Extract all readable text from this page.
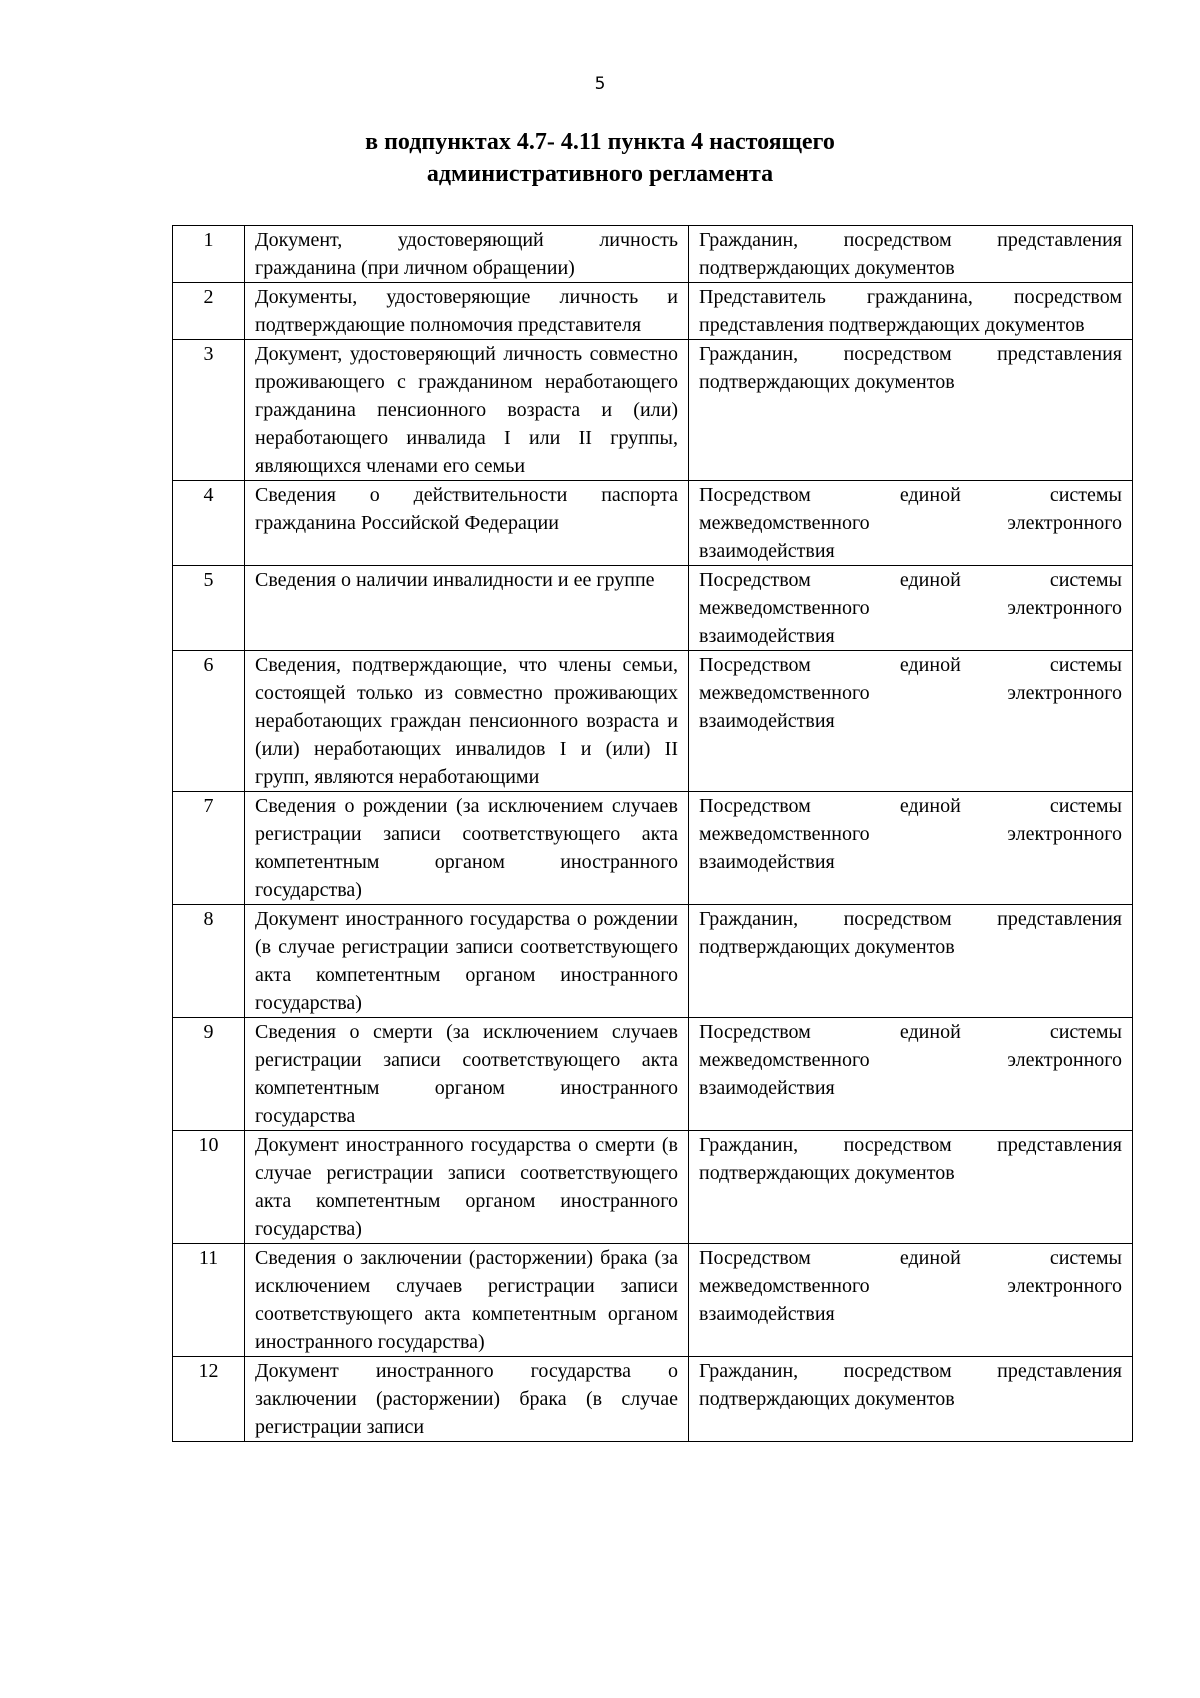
5
в подпунктах 4.7- 4.11 пункта 4 настоящего
административного регламента
1	Документ, удостоверяющий личность гражданина (при личном обращении)	Гражданин, посредством представления подтверждающих документов
2	Документы, удостоверяющие личность и подтверждающие полномочия представителя	Представитель гражданина, посредством представления подтверждающих документов
3	Документ, удостоверяющий личность совместно проживающего с гражданином неработающего гражданина пенсионного возраста и (или) неработающего инвалида I или II группы, являющихся членами его семьи	Гражданин, посредством представления подтверждающих документов
4	Сведения о действительности паспорта гражданина Российской Федерации	Посредством единой системы межведомственного электронного взаимодействия
5	Сведения о наличии инвалидности и ее группе	Посредством единой системы межведомственного электронного взаимодействия
6	Сведения, подтверждающие, что члены семьи, состоящей только из совместно проживающих неработающих граждан пенсионного возраста и (или) неработающих инвалидов I и (или) II групп, являются неработающими	Посредством единой системы межведомственного электронного взаимодействия
7	Сведения о рождении (за исключением случаев регистрации записи соответствующего акта компетентным органом иностранного государства)	Посредством единой системы межведомственного электронного взаимодействия
8	Документ иностранного государства о рождении (в случае регистрации записи соответствующего акта компетентным органом иностранного государства)	Гражданин, посредством представления подтверждающих документов
9	Сведения о смерти (за исключением случаев регистрации записи соответствующего акта компетентным органом иностранного государства	Посредством единой системы межведомственного электронного взаимодействия
10	Документ иностранного государства о смерти (в случае регистрации записи соответствующего акта компетентным органом иностранного государства)	Гражданин, посредством представления подтверждающих документов
11	Сведения о заключении (расторжении) брака (за исключением случаев регистрации записи соответствующего акта компетентным органом иностранного государства)	Посредством единой системы межведомственного электронного взаимодействия
12	Документ иностранного государства о заключении (расторжении) брака (в случае регистрации записи	Гражданин, посредством представления подтверждающих документов
